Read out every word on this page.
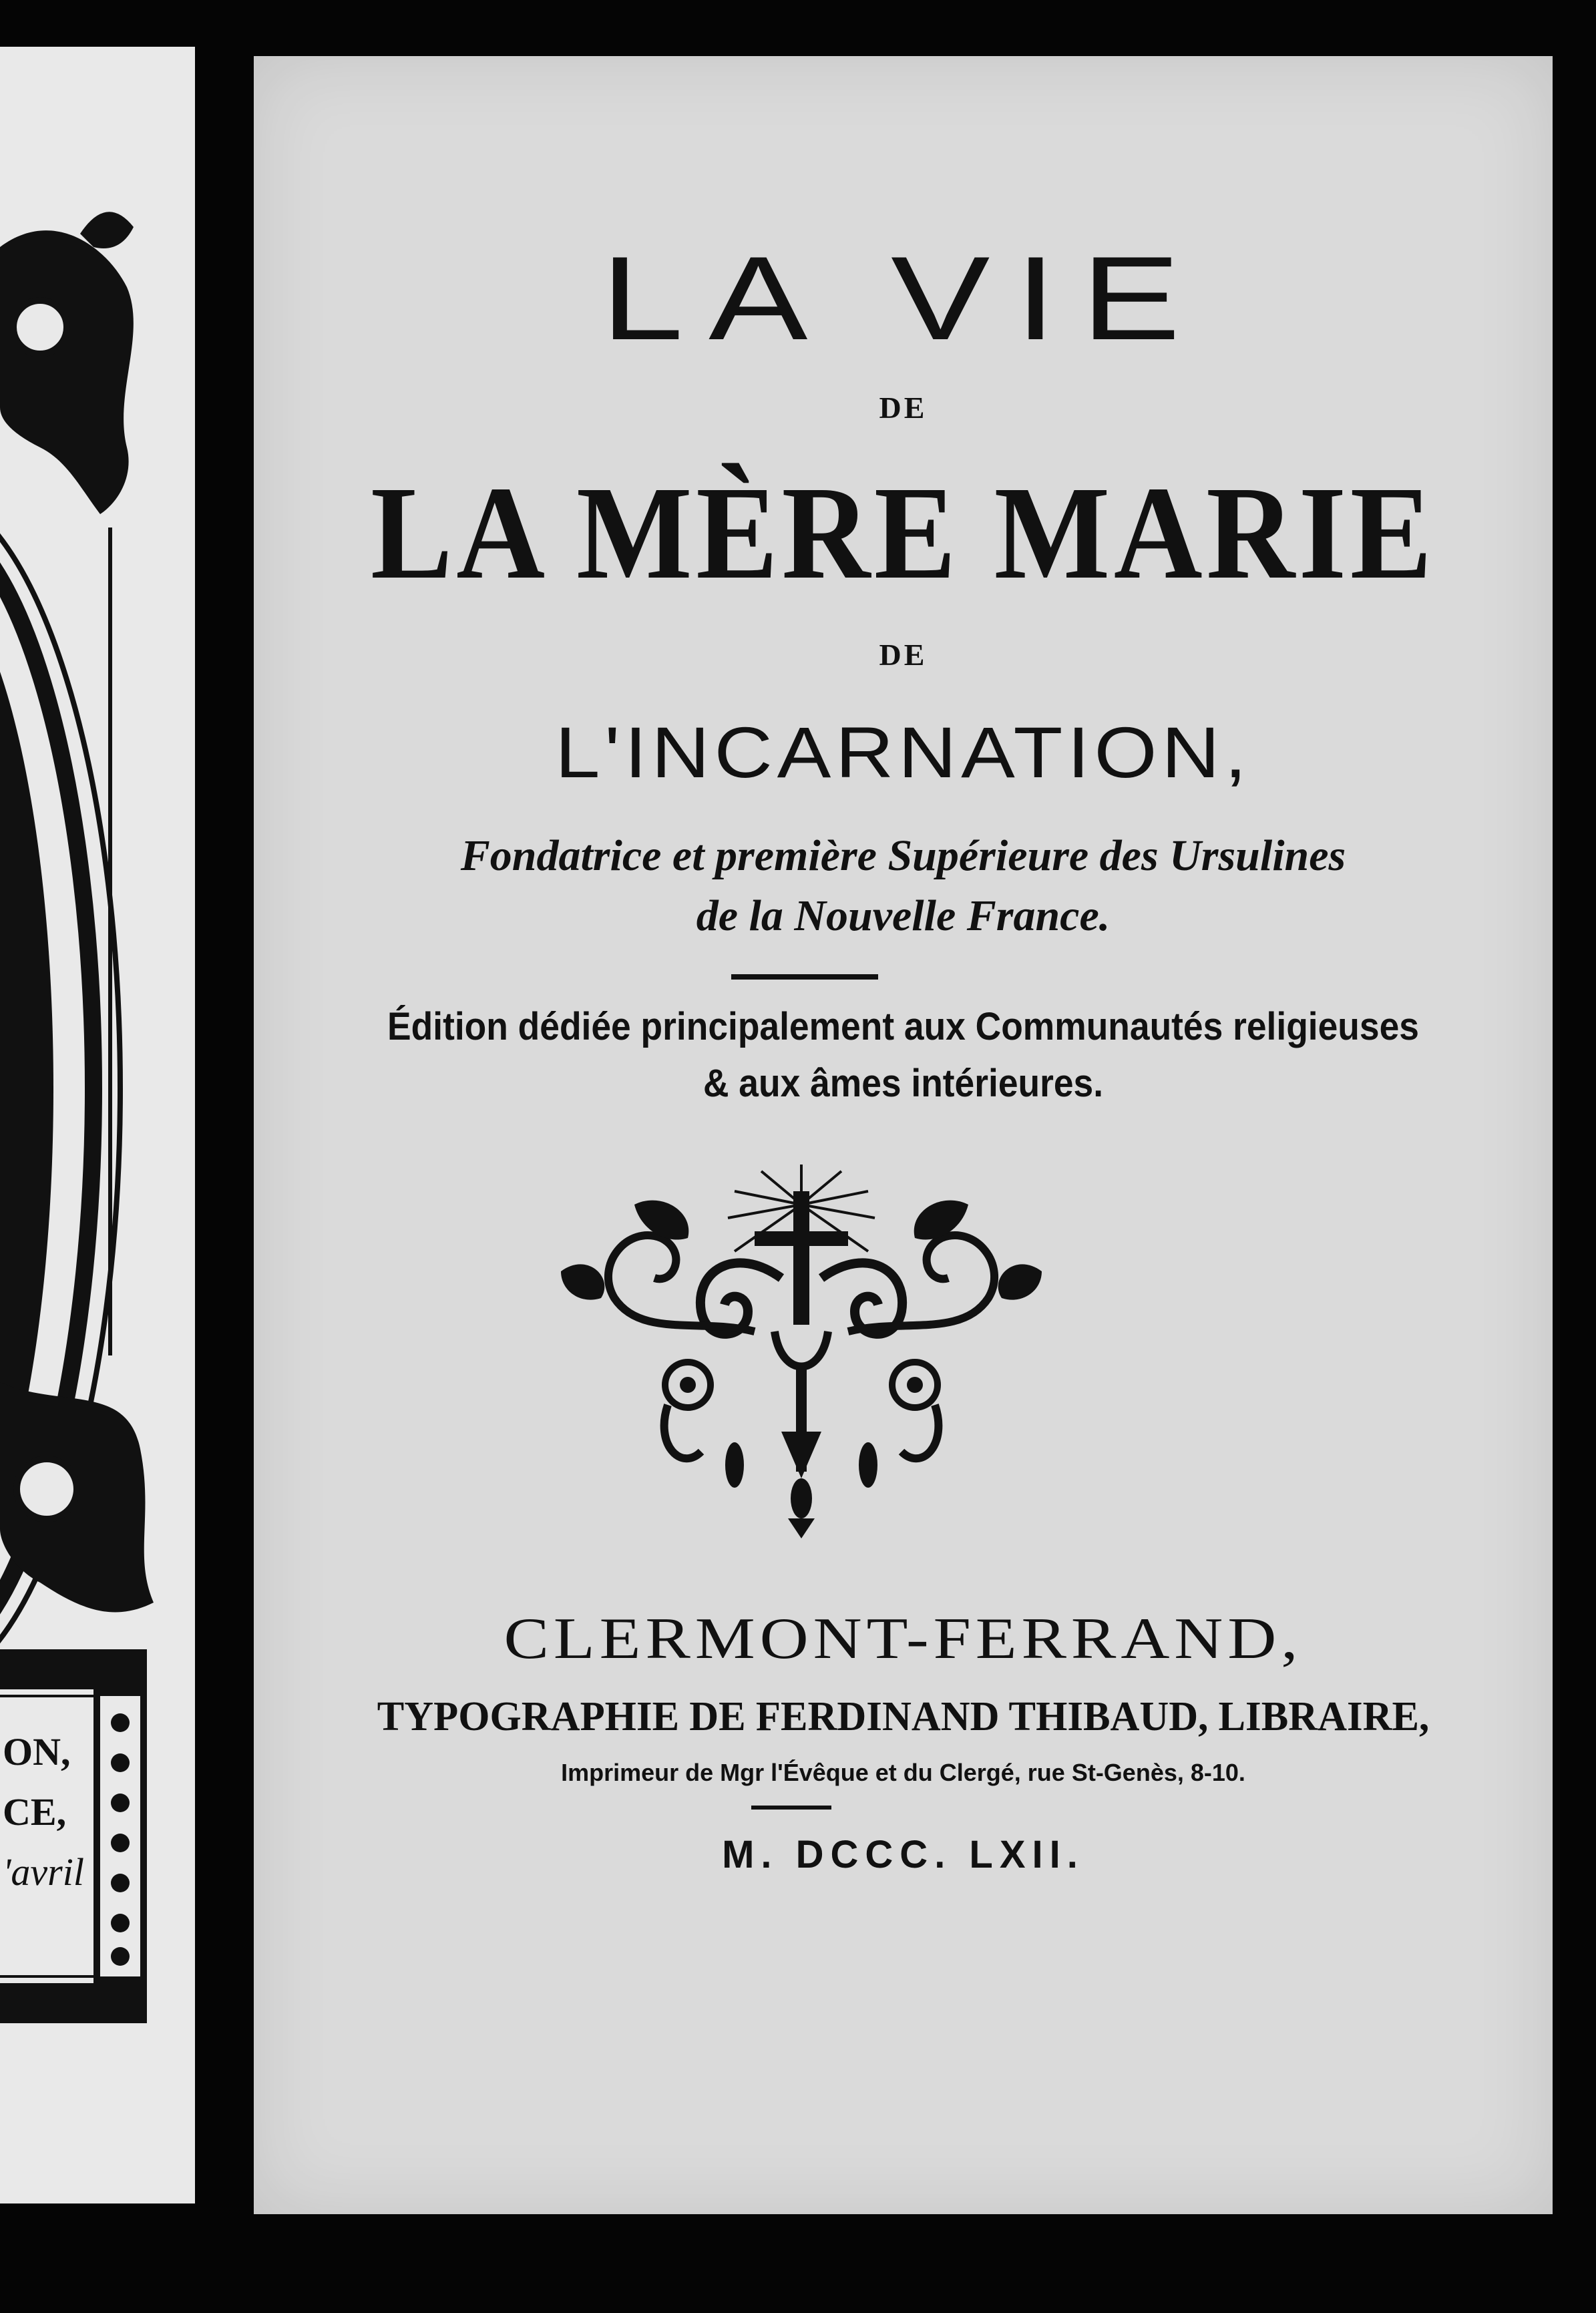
ON,
CE,
'avril
LA VIE
DE
LA MÈRE MARIE
DE
L'INCARNATION,
Fondatrice et première Supérieure des Ursulines
de la Nouvelle France.
Édition dédiée principalement aux Communautés religieuses
& aux âmes intérieures.
CLERMONT-FERRAND,
TYPOGRAPHIE DE FERDINAND THIBAUD, LIBRAIRE,
Imprimeur de Mgr l'Évêque et du Clergé, rue St-Genès, 8-10.
M. DCCC. LXII.
